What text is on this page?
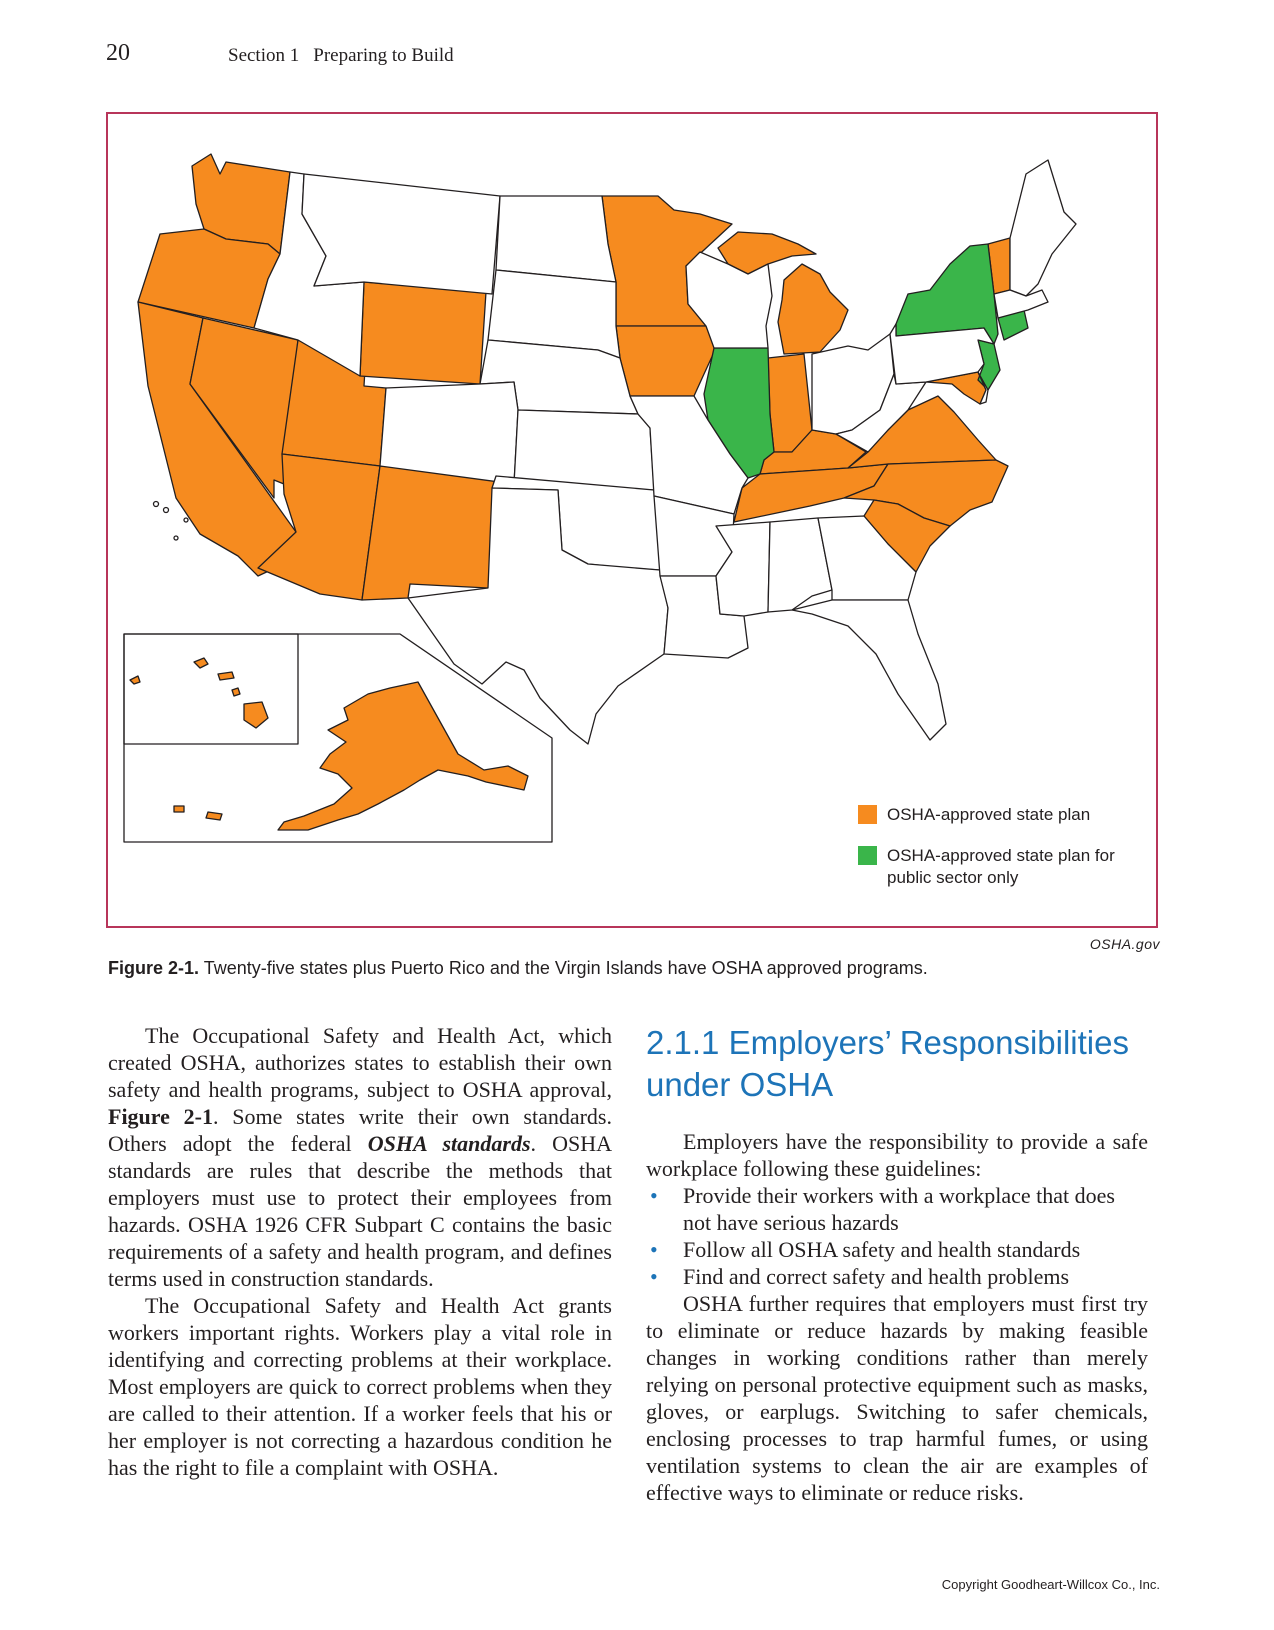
20	Section 1 Preparing to Build
OSHA-approved state plan
OSHA-approved state plan for public sector only
OSHA.gov
Figure 2-1. Twenty-five states plus Puerto Rico and the Virgin Islands have OSHA approved programs.

The Occupational Safety and Health Act, which created OSHA, authorizes states to establish their own safety and health programs, subject to OSHA approval, Figure 2-1. Some states write their own standards. Others adopt the federal OSHA standards. OSHA standards are rules that describe the methods that employers must use to protect their employees from hazards. OSHA 1926 CFR Subpart C contains the basic requirements of a safety and health program, and defines terms used in construction standards.

The Occupational Safety and Health Act grants workers important rights. Workers play a vital role in identifying and correcting problems at their workplace. Most employers are quick to correct problems when they are called to their attention. If a worker feels that his or her employer is not correcting a hazardous condition he has the right to file a complaint with OSHA.

2.1.1 Employers’ Responsibilities under OSHA

Employers have the responsibility to provide a safe workplace following these guidelines:

• Provide their workers with a workplace that does not have serious hazards
• Follow all OSHA safety and health standards
• Find and correct safety and health problems

OSHA further requires that employers must first try to eliminate or reduce hazards by making feasible changes in working conditions rather than merely relying on personal protective equipment such as masks, gloves, or earplugs. Switching to safer chemicals, enclosing processes to trap harmful fumes, or using ventilation systems to clean the air are examples of effective ways to eliminate or reduce risks.

Copyright Goodheart-Willcox Co., Inc.
